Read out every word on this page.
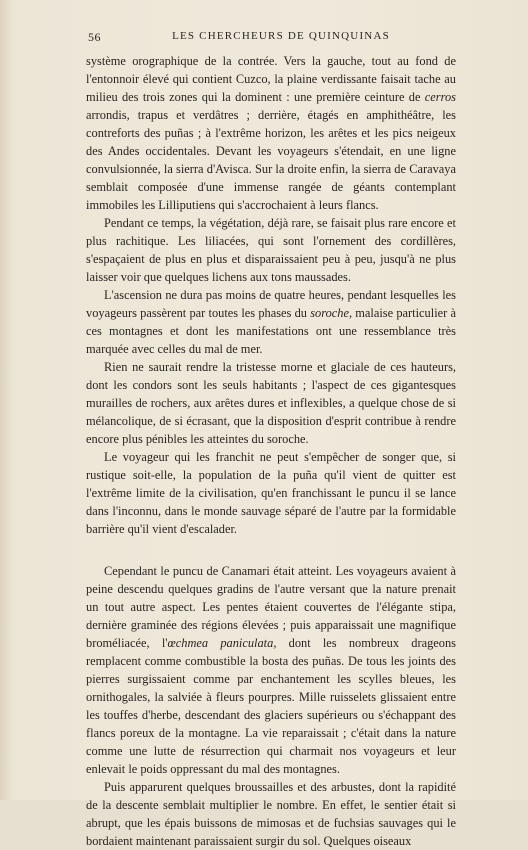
56	LES CHERCHEURS DE QUINQUINAS

système orographique de la contrée. Vers la gauche, tout au fond de l'entonnoir élevé qui contient Cuzco, la plaine verdissante faisait tache au milieu des trois zones qui la dominent : une première ceinture de cerros arrondis, trapus et verdâtres ; derrière, étagés en amphithéâtre, les contreforts des puñas ; à l'extrême horizon, les arêtes et les pics neigeux des Andes occidentales. Devant les voyageurs s'étendait, en une ligne convulsionnée, la sierra d'Avisca. Sur la droite enfin, la sierra de Caravaya semblait composée d'une immense rangée de géants contemplant immobiles les Lilliputiens qui s'accrochaient à leurs flancs.

Pendant ce temps, la végétation, déjà rare, se faisait plus rare encore et plus rachitique. Les liliacées, qui sont l'ornement des cordillères, s'espaçaient de plus en plus et disparaissaient peu à peu, jusqu'à ne plus laisser voir que quelques lichens aux tons maussades.

L'ascension ne dura pas moins de quatre heures, pendant lesquelles les voyageurs passèrent par toutes les phases du soroche, malaise particulier à ces montagnes et dont les manifestations ont une ressemblance très marquée avec celles du mal de mer.

Rien ne saurait rendre la tristesse morne et glaciale de ces hauteurs, dont les condors sont les seuls habitants ; l'aspect de ces gigantesques murailles de rochers, aux arêtes dures et inflexibles, a quelque chose de si mélancolique, de si écrasant, que la disposition d'esprit contribue à rendre encore plus pénibles les atteintes du soroche.

Le voyageur qui les franchit ne peut s'empêcher de songer que, si rustique soit-elle, la population de la puña qu'il vient de quitter est l'extrême limite de la civilisation, qu'en franchissant le puncu il se lance dans l'inconnu, dans le monde sauvage séparé de l'autre par la formidable barrière qu'il vient d'escalader.

Cependant le puncu de Canamari était atteint. Les voyageurs avaient à peine descendu quelques gradins de l'autre versant que la nature prenait un tout autre aspect. Les pentes étaient couvertes de l'élégante stipa, dernière graminée des régions élevées ; puis apparaissait une magnifique broméliacée, l'œchmea paniculata, dont les nombreux drageons remplacent comme combustible la bosta des puñas. De tous les joints des pierres surgissaient comme par enchantement les scylles bleues, les ornithogales, la salviée à fleurs pourpres. Mille ruisselets glissaient entre les touffes d'herbe, descendant des glaciers supérieurs ou s'échappant des flancs poreux de la montagne. La vie reparaissait ; c'était dans la nature comme une lutte de résurrection qui charmait nos voyageurs et leur enlevait le poids oppressant du mal des montagnes.

Puis apparurent quelques broussailles et des arbustes, dont la rapidité de la descente semblait multiplier le nombre. En effet, le sentier était si abrupt, que les épais buissons de mimosas et de fuchsias sauvages qui le bordaient maintenant paraissaient surgir du sol. Quelques oiseaux
